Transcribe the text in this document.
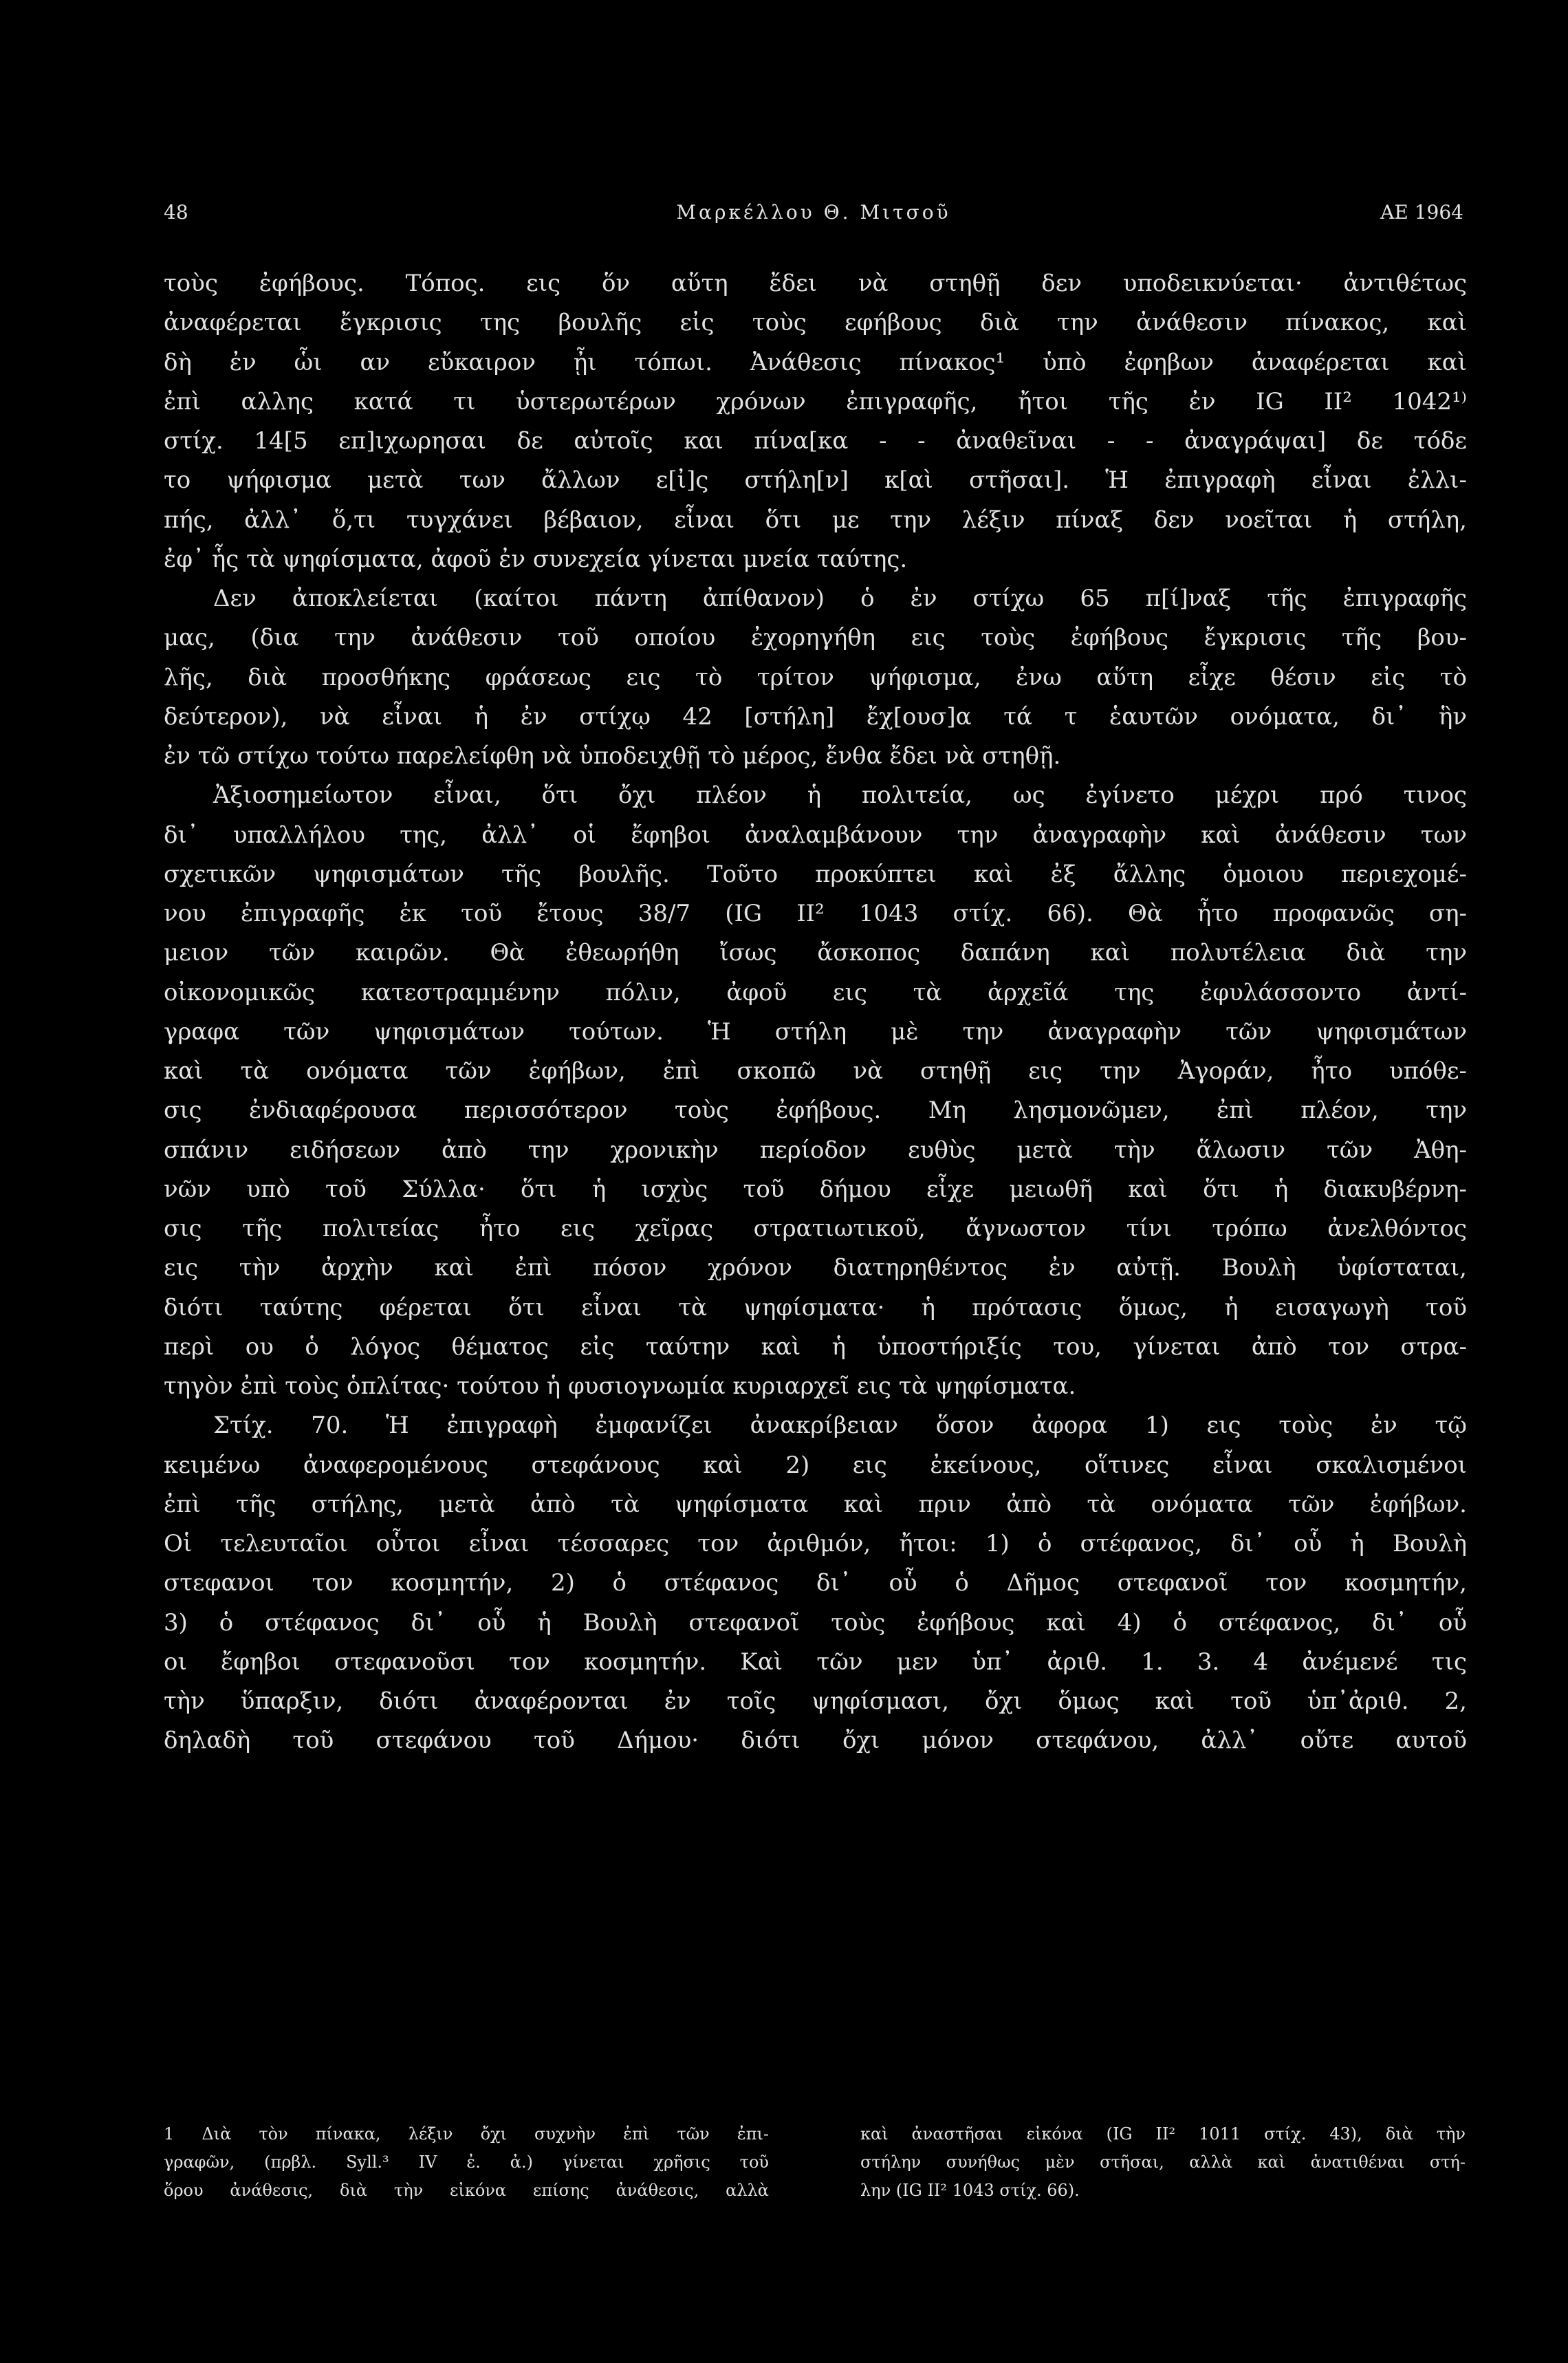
48	Μαρκέλλου Θ. Μιτσοῦ	ΑΕ 1964
τοὺς ἐφήβους. Τόπος. εις ὅν αὕτη ἔδει νὰ στηθῇ δεν υποδεικνύεται· ἀντιθέτως
ἀναφέρεται ἔγκρισις της βουλῆς εἰς τοὺς εφήβους διὰ την ἀνάθεσιν πίνακος, καὶ
δὴ ἐν ὧι αν εὔκαιρον ᾖι τόπωι. Ἀνάθεσις πίνακος¹ ὑπὸ ἐφηβων ἀναφέρεται καὶ
ἐπὶ αλλης κατά τι ὑστερωτέρων χρόνων ἐπιγραφῆς, ἤτοι τῆς ἐν IG II² 1042¹⁾
στίχ. 14[5 επ]ιχωρησαι δε αὐτοῖς και πίνα[κα - - ἀναθεῖναι - - ἀναγράψαι] δε τόδε
το ψήφισμα μετὰ των ἄλλων ε[ἰ]ς στήλη[ν] κ[αὶ στῆσαι]. Ἡ ἐπιγραφὴ εἶναι ἐλλι-
πής, ἀλλ᾽ ὅ,τι τυγχάνει βέβαιον, εἶναι ὅτι με την λέξιν πίναξ δεν νοεῖται ἡ στήλη,
ἐφ᾽ ἧς τὰ ψηφίσματα, ἀφοῦ ἐν συνεχεία γίνεται μνεία ταύτης.
Δεν ἀποκλείεται (καίτοι πάντη ἀπίθανον) ὁ ἐν στίχω 65 π[ί]ναξ τῆς ἐπιγραφῆς
μας, (δια την ἀνάθεσιν τοῦ οποίου ἐχορηγήθη εις τοὺς ἐφήβους ἔγκρισις τῆς βου-
λῆς, διὰ προσθήκης φράσεως εις τὸ τρίτον ψήφισμα, ἐνω αὕτη εἶχε θέσιν εἰς τὸ
δεύτερον), νὰ εἶναι ἡ ἐν στίχῳ 42 [στήλη] ἔχ[ουσ]α τά τ ἑαυτῶν ονόματα, δι᾽ ἣν
ἐν τῶ στίχω τούτω παρελείφθη νὰ ὑποδειχθῇ τὸ μέρος, ἔνθα ἔδει νὰ στηθῇ.
Ἀξιοσημείωτον εἶναι, ὅτι ὄχι πλέον ἡ πολιτεία, ως ἐγίνετο μέχρι πρό τινος
δι᾽ υπαλλήλου της, ἀλλ᾽ οἱ ἔφηβοι ἀναλαμβάνουν την ἀναγραφὴν καὶ ἀνάθεσιν των
σχετικῶν ψηφισμάτων τῆς βουλῆς. Τοῦτο προκύπτει καὶ ἐξ ἄλλης ὁμοιου περιεχομέ-
νου ἐπιγραφῆς ἐκ τοῦ ἔτους 38/7 (IG II² 1043 στίχ. 66). Θὰ ἦτο προφανῶς ση-
μειον τῶν καιρῶν. Θὰ ἐθεωρήθη ἴσως ἄσκοπος δαπάνη καὶ πολυτέλεια διὰ την
οἰκονομικῶς κατεστραμμένην πόλιν, ἀφοῦ εις τὰ ἀρχεῖά της ἐφυλάσσοντο ἀντί-
γραφα τῶν ψηφισμάτων τούτων. Ἡ στήλη μὲ την ἀναγραφὴν τῶν ψηφισμάτων
καὶ τὰ ονόματα τῶν ἐφήβων, ἐπὶ σκοπῶ νὰ στηθῇ εις την Ἀγοράν, ἦτο υπόθε-
σις ἐνδιαφέρουσα περισσότερον τοὺς ἐφήβους. Μη λησμονῶμεν, ἐπὶ πλέον, την
σπάνιν ειδήσεων ἀπὸ την χρονικὴν περίοδον ευθὺς μετὰ τὴν ἅλωσιν τῶν Ἀθη-
νῶν υπὸ τοῦ Σύλλα· ὅτι ἡ ισχὺς τοῦ δήμου εἶχε μειωθῆ καὶ ὅτι ἡ διακυβέρνη-
σις τῆς πολιτείας ἦτο εις χεῖρας στρατιωτικοῦ, ἄγνωστον τίνι τρόπω ἀνελθόντος
εις τὴν ἀρχὴν καὶ ἐπὶ πόσον χρόνον διατηρηθέντος ἐν αὐτῇ. Βουλὴ ὑφίσταται,
διότι ταύτης φέρεται ὅτι εἶναι τὰ ψηφίσματα· ἡ πρότασις ὅμως, ἡ εισαγωγὴ τοῦ
περὶ ου ὁ λόγος θέματος εἰς ταύτην καὶ ἡ ὑποστήριξίς του, γίνεται ἀπὸ τον στρα-
τηγὸν ἐπὶ τοὺς ὁπλίτας· τούτου ἡ φυσιογνωμία κυριαρχεῖ εις τὰ ψηφίσματα.
Στίχ. 70. Ἡ ἐπιγραφὴ ἐμφανίζει ἀνακρίβειαν ὅσον ἀφορα 1) εις τοὺς ἐν τῷ
κειμένω ἀναφερομένους στεφάνους καὶ 2) εις ἐκείνους, οἵτινες εἶναι σκαλισμένοι
ἐπὶ τῆς στήλης, μετὰ ἀπὸ τὰ ψηφίσματα καὶ πριν ἀπὸ τὰ ονόματα τῶν ἐφήβων.
Οἱ τελευταῖοι οὗτοι εἶναι τέσσαρες τον ἀριθμόν, ἤτοι: 1) ὁ στέφανος, δι᾽ οὗ ἡ Βουλὴ
στεφανοι τον κοσμητήν, 2) ὁ στέφανος δι᾽ οὗ ὁ Δῆμος στεφανοῖ τον κοσμητήν,
3) ὁ στέφανος δι᾽ οὗ ἡ Βουλὴ στεφανοῖ τοὺς ἐφήβους καὶ 4) ὁ στέφανος, δι᾽ οὗ
οι ἔφηβοι στεφανοῦσι τον κοσμητήν. Καὶ τῶν μεν ὑπ᾽ ἀριθ. 1. 3. 4 ἀνέμενέ τις
τὴν ὕπαρξιν, διότι ἀναφέρονται ἐν τοῖς ψηφίσμασι, ὄχι ὅμως καὶ τοῦ ὑπ᾽ἀριθ. 2,
δηλαδὴ τοῦ στεφάνου τοῦ Δήμου· διότι ὄχι μόνον στεφάνου, ἀλλ᾽ οὔτε αυτοῦ
1 Διὰ τὸν πίνακα, λέξιν ὄχι συχνὴν ἐπὶ τῶν ἐπι-
γραφῶν, (πρβλ. Syll.³ IV ἐ. ἀ.) γίνεται χρῆσις τοῦ
ὅρου ἀνάθεσις, διὰ τὴν εἰκόνα επίσης ἀνάθεσις, αλλὰ
καὶ ἀναστῆσαι εἰκόνα (IG II² 1011 στίχ. 43), διὰ τὴν
στήλην συνήθως μὲν στῆσαι, αλλὰ καὶ ἀνατιθέναι στή-
λην (IG II² 1043 στίχ. 66).
